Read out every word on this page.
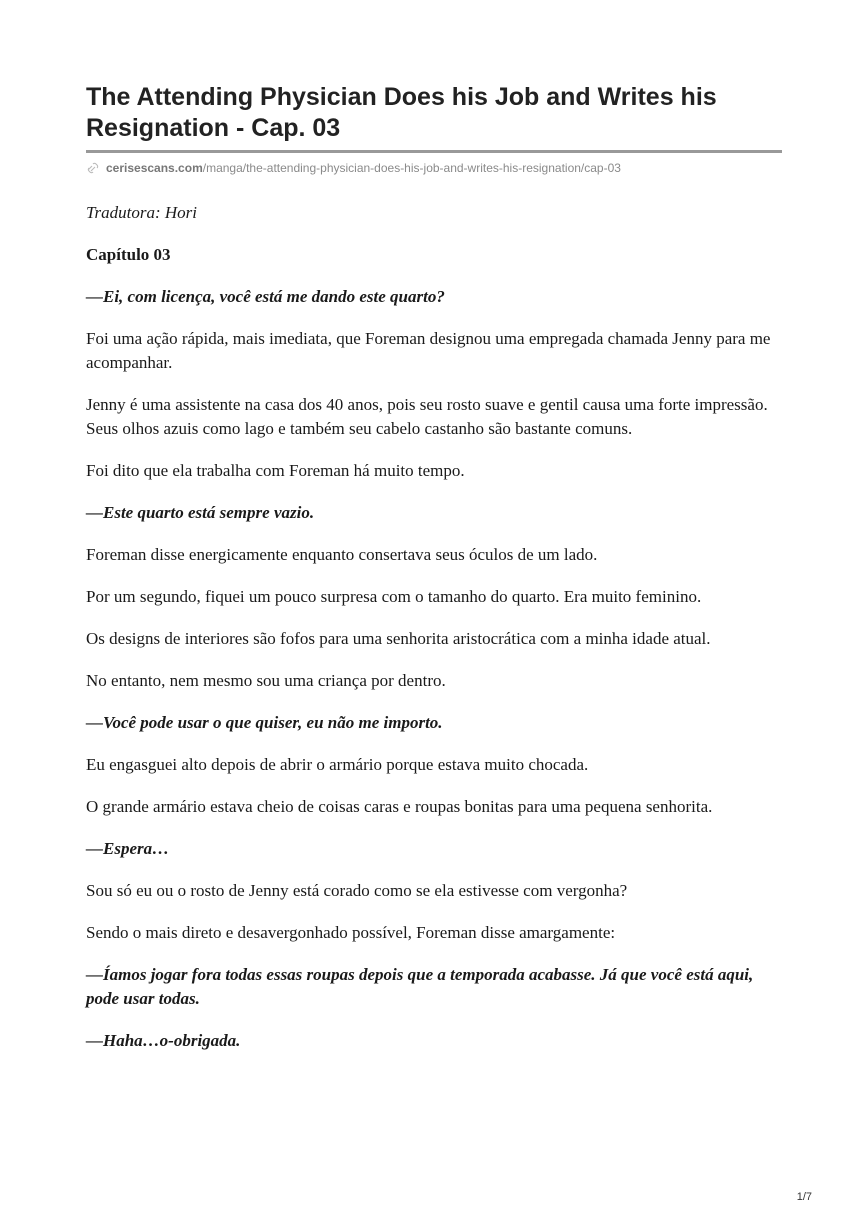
The Attending Physician Does his Job and Writes his Resignation - Cap. 03
cerisescans.com /manga/the-attending-physician-does-his-job-and-writes-his-resignation/cap-03

Tradutora: Hori

Capítulo 03

—Ei, com licença, você está me dando este quarto?

Foi uma ação rápida, mais imediata, que Foreman designou uma empregada chamada Jenny para me acompanhar.

Jenny é uma assistente na casa dos 40 anos, pois seu rosto suave e gentil causa uma forte impressão. Seus olhos azuis como lago e também seu cabelo castanho são bastante comuns.

Foi dito que ela trabalha com Foreman há muito tempo.

—Este quarto está sempre vazio.

Foreman disse energicamente enquanto consertava seus óculos de um lado.

Por um segundo, fiquei um pouco surpresa com o tamanho do quarto. Era muito feminino.

Os designs de interiores são fofos para uma senhorita aristocrática com a minha idade atual.

No entanto, nem mesmo sou uma criança por dentro.

—Você pode usar o que quiser, eu não me importo.

Eu engasguei alto depois de abrir o armário porque estava muito chocada.

O grande armário estava cheio de coisas caras e roupas bonitas para uma pequena senhorita.

—Espera…

Sou só eu ou o rosto de Jenny está corado como se ela estivesse com vergonha?

Sendo o mais direto e desavergonhado possível, Foreman disse amargamente:

—Íamos jogar fora todas essas roupas depois que a temporada acabasse. Já que você está aqui, pode usar todas.

—Haha…o-obrigada.

1/7
